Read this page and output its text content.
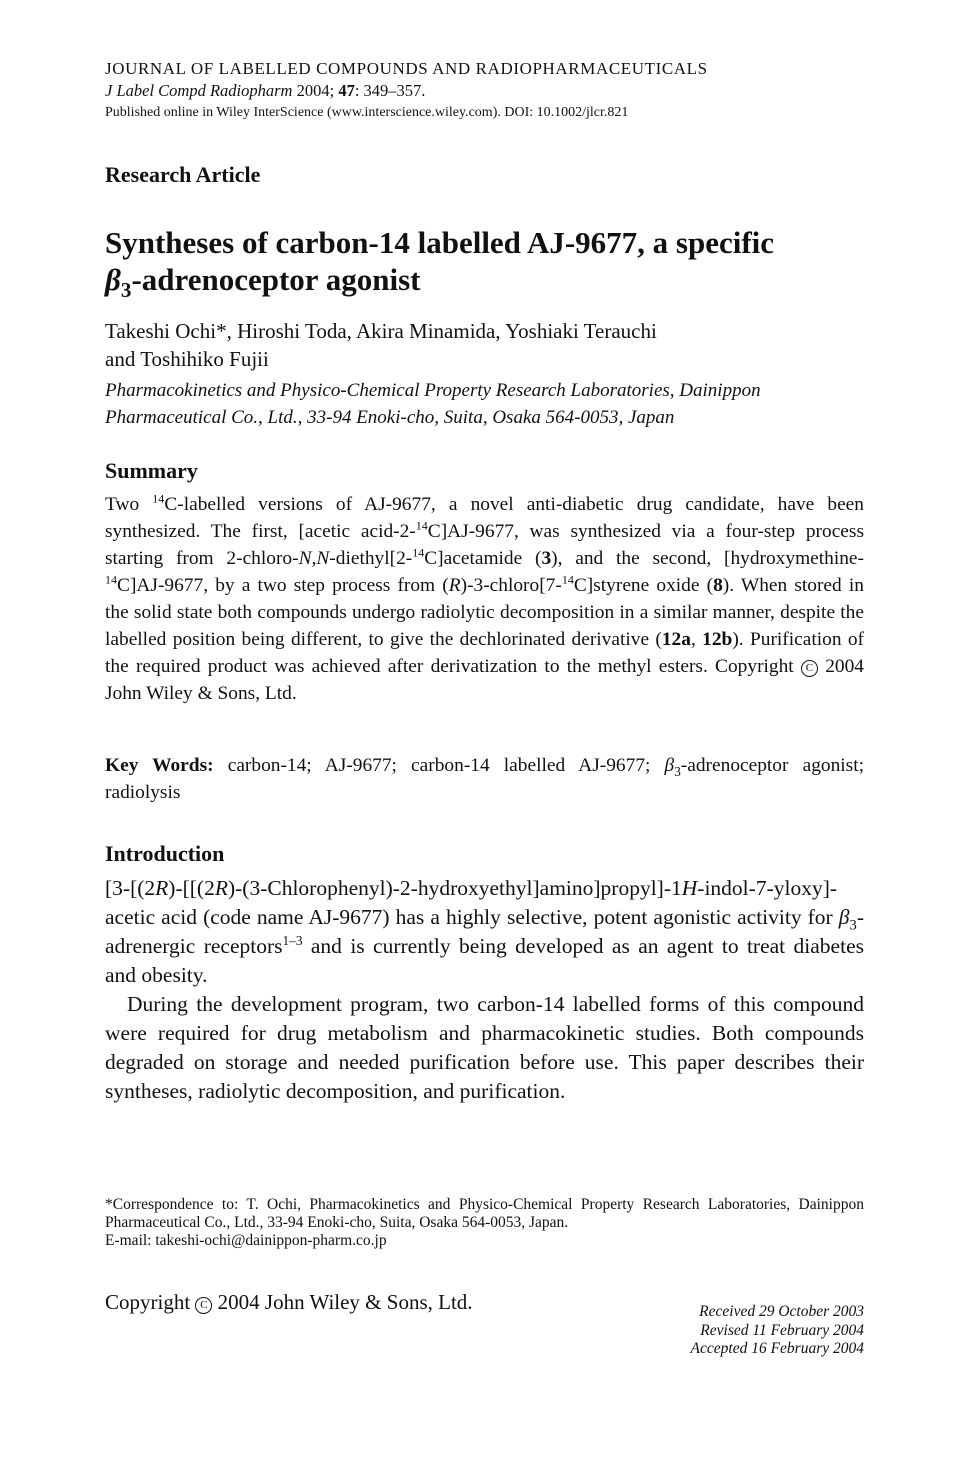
JOURNAL OF LABELLED COMPOUNDS AND RADIOPHARMACEUTICALS
J Label Compd Radiopharm 2004; 47: 349–357.
Published online in Wiley InterScience (www.interscience.wiley.com). DOI: 10.1002/jlcr.821
Research Article
Syntheses of carbon-14 labelled AJ-9677, a specific
$\beta_3$-adrenoceptor agonist
Takeshi Ochi*, Hiroshi Toda, Akira Minamida, Yoshiaki Terauchi
and Toshihiko Fujii
Pharmacokinetics and Physico-Chemical Property Research Laboratories, Dainippon
Pharmaceutical Co., Ltd., 33-94 Enoki-cho, Suita, Osaka 564-0053, Japan
Summary
Two $^{14}$C-labelled versions of AJ-9677, a novel anti-diabetic drug candidate, have been synthesized. The first, [acetic acid-2-$^{14}$C]AJ-9677, was synthesized via a four-step process starting from 2-chloro-N,N-diethyl[2-$^{14}$C]acetamide (3), and the second, [hydroxymethine-$^{14}$C]AJ-9677, by a two step process from (R)-3-chloro[7-$^{14}$C]styrene oxide (8). When stored in the solid state both compounds undergo radiolytic decomposition in a similar manner, despite the labelled position being different, to give the dechlorinated derivative (12a, 12b). Purification of the required product was achieved after derivatization to the methyl esters. Copyright C 2004 John Wiley & Sons, Ltd.
Key Words: carbon-14; AJ-9677; carbon-14 labelled AJ-9677; $\beta_3$-adrenoceptor agonist; radiolysis
Introduction

[3-[(2R)-[[(2R)-(3-Chlorophenyl)-2-hydroxyethyl]amino]propyl]-1H-indol-7-yloxy]-acetic acid (code name AJ-9677) has a highly selective, potent agonistic activity for $\beta_3$-adrenergic receptors$^{1-3}$ and is currently being developed as an agent to treat diabetes and obesity.

During the development program, two carbon-14 labelled forms of this compound were required for drug metabolism and pharmacokinetic studies. Both compounds degraded on storage and needed purification before use. This paper describes their syntheses, radiolytic decomposition, and purification.

*Correspondence to: T. Ochi, Pharmacokinetics and Physico-Chemical Property Research Laboratories, Dainippon Pharmaceutical Co., Ltd., 33-94 Enoki-cho, Suita, Osaka 564-0053, Japan.
E-mail: takeshi-ochi@dainippon-pharm.co.jp
Copyright C 2004 John Wiley & Sons, Ltd.	Received 29 October 2003
Revised 11 February 2004
Accepted 16 February 2004
